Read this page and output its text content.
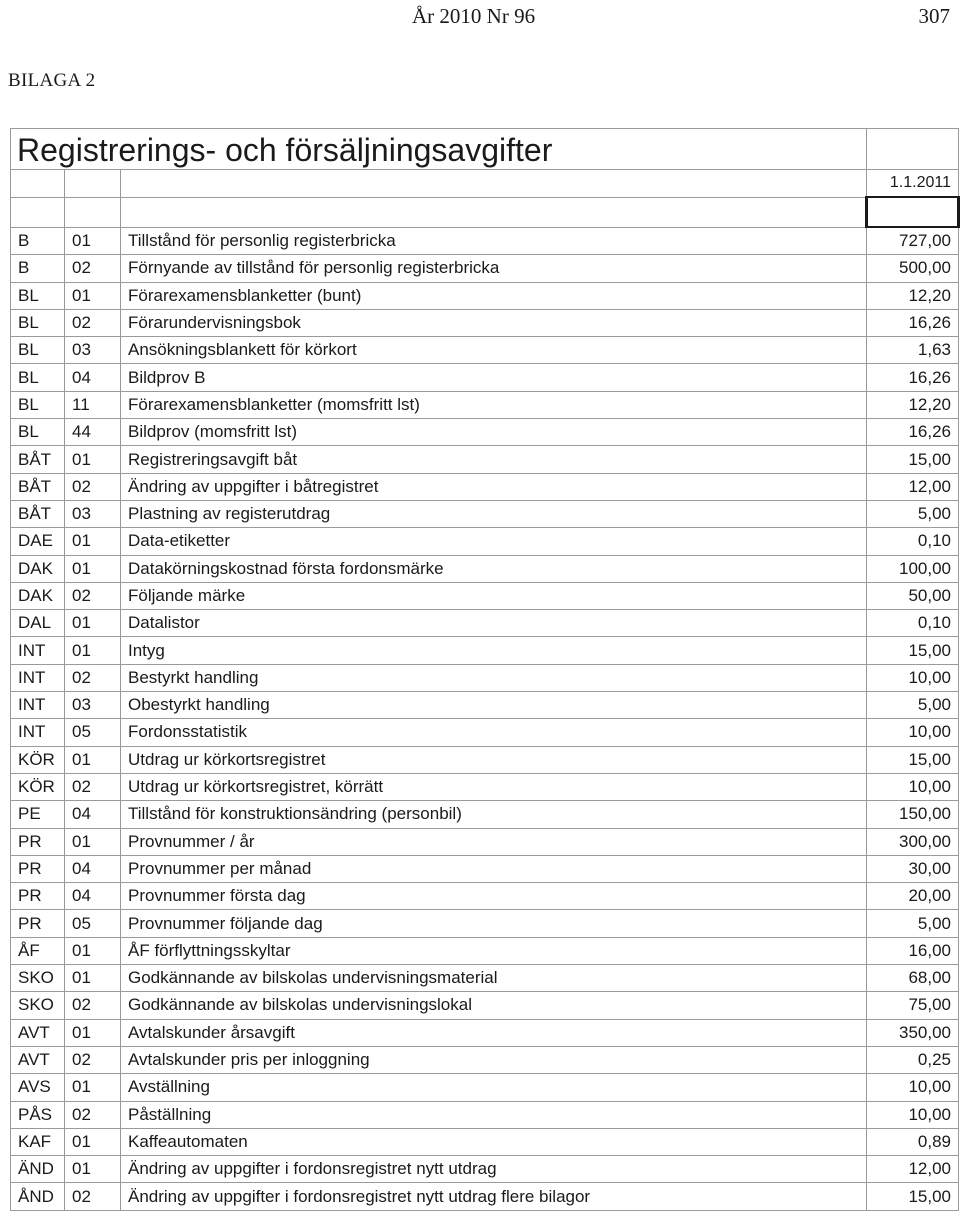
År 2010 Nr 96	307
BILAGA 2
Registrerings- och försäljningsavgifter			
			1.1.2011

B	01	Tillstånd för personlig registerbricka	727,00
B	02	Förnyande av tillstånd för personlig registerbricka	500,00
BL	01	Förarexamensblanketter (bunt)	12,20
BL	02	Förarundervisningsbok	16,26
BL	03	Ansökningsblankett för körkort	1,63
BL	04	Bildprov B	16,26
BL	11	Förarexamensblanketter (momsfritt lst)	12,20
BL	44	Bildprov (momsfritt lst)	16,26
BÅT	01	Registreringsavgift båt	15,00
BÅT	02	Ändring av uppgifter i båtregistret	12,00
BÅT	03	Plastning av registerutdrag	5,00
DAE	01	Data-etiketter	0,10
DAK	01	Datakörningskostnad första fordonsmärke	100,00
DAK	02	Följande märke	50,00
DAL	01	Datalistor	0,10
INT	01	Intyg	15,00
INT	02	Bestyrkt handling	10,00
INT	03	Obestyrkt handling	5,00
INT	05	Fordonsstatistik	10,00
KÖR	01	Utdrag ur körkortsregistret	15,00
KÖR	02	Utdrag ur körkortsregistret, körrätt	10,00
PE	04	Tillstånd för konstruktionsändring (personbil)	150,00
PR	01	Provnummer / år	300,00
PR	04	Provnummer per månad	30,00
PR	04	Provnummer första dag	20,00
PR	05	Provnummer följande dag	5,00
ÅF	01	ÅF förflyttningsskyltar	16,00
SKO	01	Godkännande av bilskolas undervisningsmaterial	68,00
SKO	02	Godkännande av bilskolas undervisningslokal	75,00
AVT	01	Avtalskunder årsavgift	350,00
AVT	02	Avtalskunder pris per inloggning	0,25
AVS	01	Avställning	10,00
PÅS	02	Påställning	10,00
KAF	01	Kaffeautomaten	0,89
ÄND	01	Ändring av uppgifter i fordonsregistret nytt utdrag	12,00
ÅND	02	Ändring av uppgifter i fordonsregistret nytt utdrag flere bilagor	15,00
